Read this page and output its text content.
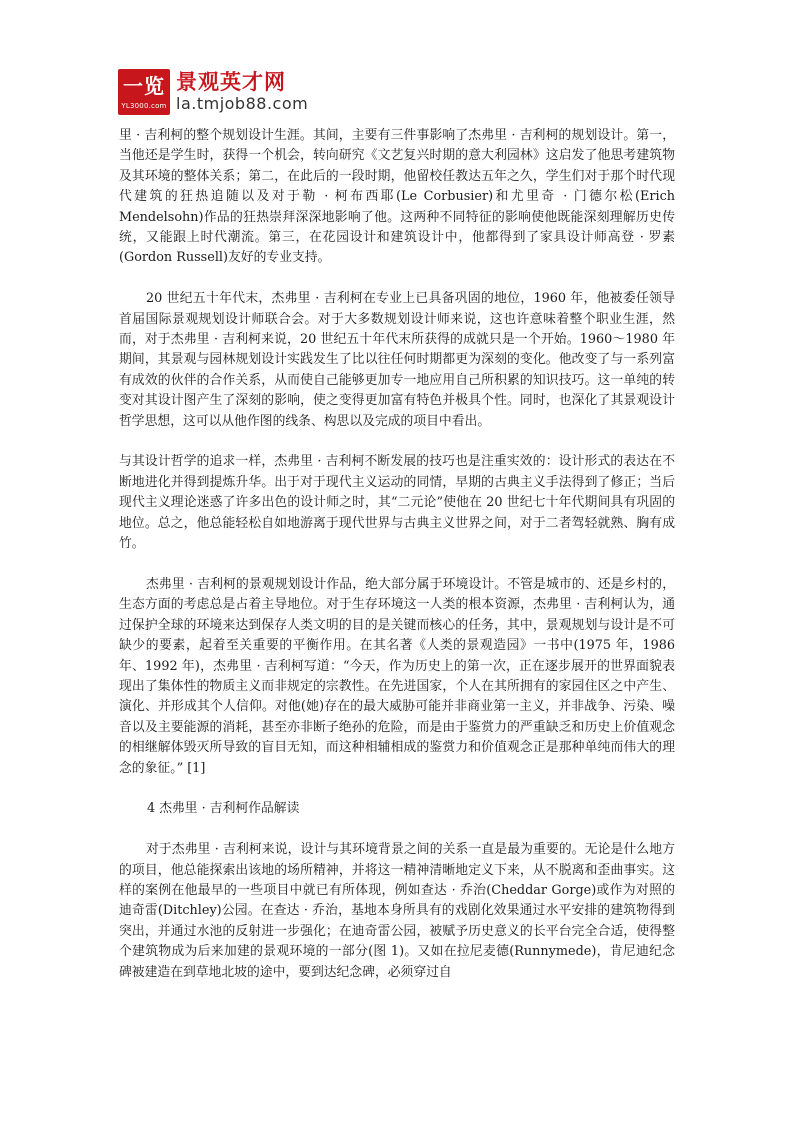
一览
YL3000.com
景观英才网
la.tmjob88.com

里 · 吉利柯的整个规划设计生涯。其间，主要有三件事影响了杰弗里 · 吉利柯的规划设计。第一，当他还是学生时，获得一个机会，转向研究《文艺复兴时期的意大利园林》这启发了他思考建筑物及其环境的整体关系；第二，在此后的一段时期，他留校任教达五年之久，学生们对于那个时代现代建筑的狂热追随以及对于勒 · 柯布西耶(Le Corbusier)和尤里奇 · 门德尔松(Erich Mendelsohn)作品的狂热崇拜深深地影响了他。这两种不同特征的影响使他既能深刻理解历史传统，又能跟上时代潮流。第三，在花园设计和建筑设计中，他都得到了家具设计师高登 · 罗素(Gordon Russell)友好的专业支持。

20 世纪五十年代末，杰弗里 · 吉利柯在专业上已具备巩固的地位，1960 年，他被委任领导首届国际景观规划设计师联合会。对于大多数规划设计师来说，这也许意味着整个职业生涯，然而，对于杰弗里 · 吉利柯来说，20 世纪五十年代末所获得的成就只是一个开始。1960～1980 年期间，其景观与园林规划设计实践发生了比以往任何时期都更为深刻的变化。他改变了与一系列富有成效的伙伴的合作关系，从而使自己能够更加专一地应用自己所积累的知识技巧。这一单纯的转变对其设计图产生了深刻的影响，使之变得更加富有特色并极具个性。同时，也深化了其景观设计哲学思想，这可以从他作图的线条、构思以及完成的项目中看出。

与其设计哲学的追求一样，杰弗里 · 吉利柯不断发展的技巧也是注重实效的：设计形式的表达在不断地进化并得到提炼升华。出于对于现代主义运动的同情，早期的古典主义手法得到了修正；当后现代主义理论迷惑了许多出色的设计师之时，其“二元论”使他在 20 世纪七十年代期间具有巩固的地位。总之，他总能轻松自如地游离于现代世界与古典主义世界之间，对于二者驾轻就熟、胸有成竹。

杰弗里 · 吉利柯的景观规划设计作品，绝大部分属于环境设计。不管是城市的、还是乡村的，生态方面的考虑总是占着主导地位。对于生存环境这一人类的根本资源，杰弗里 · 吉利柯认为，通过保护全球的环境来达到保存人类文明的目的是关键而核心的任务，其中，景观规划与设计是不可缺少的要素，起着至关重要的平衡作用。在其名著《人类的景观造园》一书中(1975 年，1986 年、1992 年)，杰弗里 · 吉利柯写道：“今天，作为历史上的第一次，正在逐步展开的世界面貌表现出了集体性的物质主义而非规定的宗教性。在先进国家，个人在其所拥有的家园住区之中产生、演化、并形成其个人信仰。对他(她)存在的最大威胁可能并非商业第一主义，并非战争、污染、噪音以及主要能源的消耗，甚至亦非断子绝孙的危险，而是由于鉴赏力的严重缺乏和历史上价值观念的相继解体毁灭所导致的盲目无知，而这种相辅相成的鉴赏力和价值观念正是那种单纯而伟大的理念的象征。” [1]

4 杰弗里 · 吉利柯作品解读

对于杰弗里 · 吉利柯来说，设计与其环境背景之间的关系一直是最为重要的。无论是什么地方的项目，他总能探索出该地的场所精神，并将这一精神清晰地定义下来，从不脱离和歪曲事实。这样的案例在他最早的一些项目中就已有所体现，例如查达 · 乔治(Cheddar Gorge)或作为对照的迪奇雷(Ditchley)公园。在查达 · 乔治，基地本身所具有的戏剧化效果通过水平安排的建筑物得到突出，并通过水池的反射进一步强化；在迪奇雷公园，被赋予历史意义的长平台完全合适，使得整个建筑物成为后来加建的景观环境的一部分(图 1)。又如在拉尼麦德(Runnymede)，肯尼迪纪念碑被建造在到草地北坡的途中，要到达纪念碑，必须穿过自
